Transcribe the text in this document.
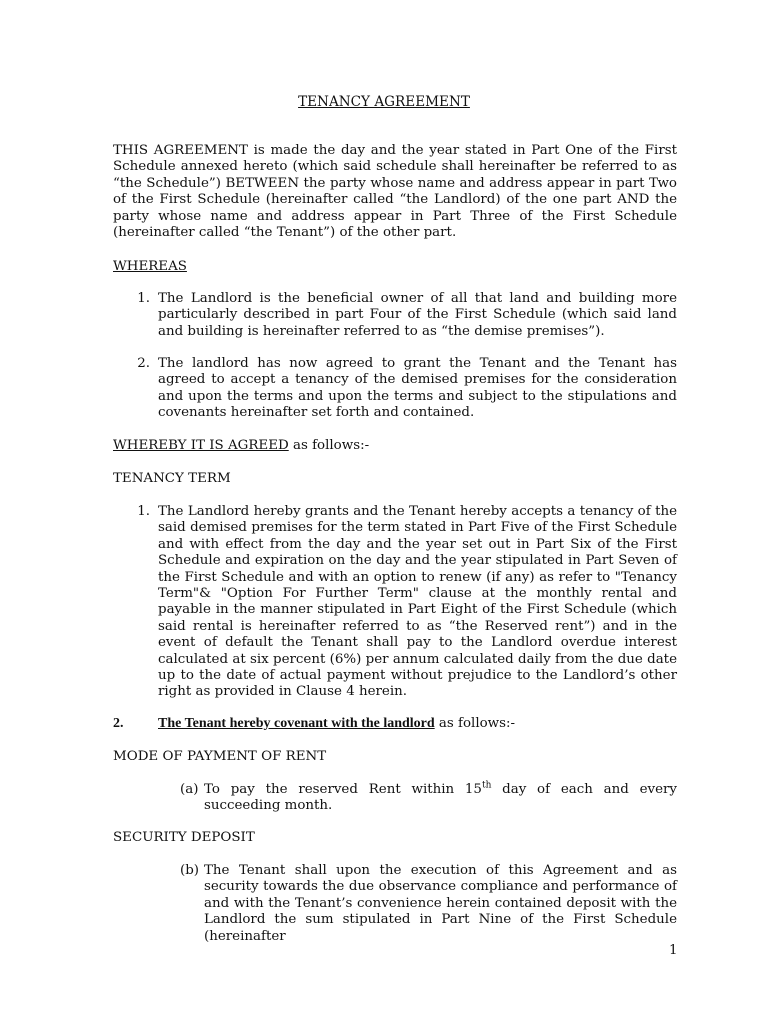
TENANCY AGREEMENT
THIS AGREEMENT is made the day and the year stated in Part One of the First Schedule annexed hereto (which said schedule shall hereinafter be referred to as “the Schedule”) BETWEEN the party whose name and address appear in part Two of the First Schedule (hereinafter called “the Landlord) of the one part AND the party whose name and address appear in Part Three of the First Schedule (hereinafter called “the Tenant”) of the other part.
WHEREAS
1. The Landlord is the beneficial owner of all that land and building more particularly described in part Four of the First Schedule (which said land and building is hereinafter referred to as “the demise premises”).
2. The landlord has now agreed to grant the Tenant and the Tenant has agreed to accept a tenancy of the demised premises for the consideration and upon the terms and upon the terms and subject to the stipulations and covenants hereinafter set forth and contained.
WHEREBY IT IS AGREED as follows:-
TENANCY TERM
1. The Landlord hereby grants and the Tenant hereby accepts a tenancy of the said demised premises for the term stated in Part Five of the First Schedule and with effect from the day and the year set out in Part Six of the First Schedule and expiration on the day and the year stipulated in Part Seven of the First Schedule and with an option to renew (if any) as refer to "Tenancy Term"& "Option For Further Term" clause at the monthly rental and payable in the manner stipulated in Part Eight of the First Schedule (which said rental is hereinafter referred to as “the Reserved rent”) and in the event of default the Tenant shall pay to the Landlord overdue interest calculated at six percent (6%) per annum calculated daily from the due date up to the date of actual payment without prejudice to the Landlord’s other right as provided in Clause 4 herein.
2. The Tenant hereby covenant with the landlord as follows:-
MODE OF PAYMENT OF RENT
(a) To pay the reserved Rent within 15th day of each and every succeeding month.
SECURITY DEPOSIT
(b) The Tenant shall upon the execution of this Agreement and as security towards the due observance compliance and performance of and with the Tenant’s convenience herein contained deposit with the Landlord the sum stipulated in Part Nine of the First Schedule (hereinafter
1
